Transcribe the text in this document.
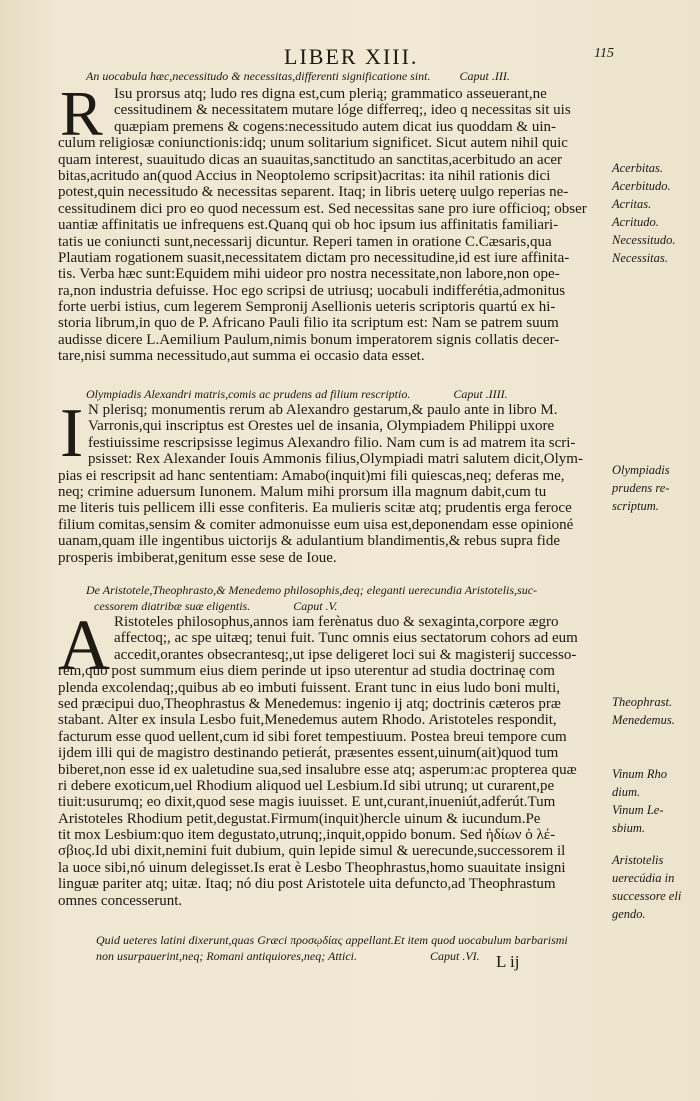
LIBER XIII.	115
An uocabula hæc,necessitudo & necessitas,differenti significatione sint. Caput .III.
R Isu prorsus atq; ludo res digna est,cum plerią; grammatico asseuerant,ne
cessitudinem & necessitatem mutare lóge differreq;, ideo q necessitas sit uis
quæpiam premens & cogens:necessitudo autem dicat ius quoddam & uin-
culum religiosæ coniunctionis:idq; unum solitarium significet. Sicut autem nihil quic
quam interest, suauitudo dicas an suauitas,sanctitudo an sanctitas,acerbitudo an acer
bitas,acritudo an(quod Accius in Neoptolemo scripsit)acritas: ita nihil rationis dici
potest,quin necessitudo & necessitas separent. Itaq; in libris ueterę uulgo reperias ne-
cessitudinem dici pro eo quod necessum est. Sed necessitas sane pro iure officioq; obser
uantiæ affinitatis ue infrequens est.Quanq qui ob hoc ipsum ius affinitatis familiari-
tatis ue coniuncti sunt,necessarij dicuntur. Reperi tamen in oratione C.Cæsaris,qua
Plautiam rogationem suasit,necessitatem dictam pro necessitudine,id est iure affinita-
tis. Verba hæc sunt:Equidem mihi uideor pro nostra necessitate,non labore,non ope-
ra,non industria defuisse. Hoc ego scripsi de utriusq; uocabuli indifferétia,admonitus
forte uerbi istius, cum legerem Sempronij Asellionis ueteris scriptoris quartú ex hi-
storia librum,in quo de P. Africano Pauli filio ita scriptum est: Nam se patrem suum
audisse dicere L.Aemilium Paulum,nimis bonum imperatorem signis collatis decer-
tare,nisi summa necessitudo,aut summa ei occasio data esset.
Olympiadis Alexandri matris,comis ac prudens ad filium rescriptio.	Caput .IIII.
I N plerisq; monumentis rerum ab Alexandro gestarum,& paulo ante in libro M.
Varronis,qui inscriptus est Orestes uel de insania, Olympiadem Philippi uxore
festiuissime rescripsisse legimus Alexandro filio. Nam cum is ad matrem ita scri-
psisset: Rex Alexander Iouis Ammonis filius,Olympiadi matri salutem dicit,Olym-
pias ei rescripsit ad hanc sententiam: Amabo(inquit)mi fili quiescas,neq; deferas me,
neq; crimine aduersum Iunonem. Malum mihi prorsum illa magnum dabit,cum tu
me literis tuis pellicem illi esse confiteris. Ea mulieris scitæ atq; prudentis erga feroce
filium comitas,sensim & comiter admonuisse eum uisa est,deponendam esse opinioné
uanam,quam ille ingentibus uictorijs & adulantium blandimentis,& rebus supra fide
prosperis imbiberat,genitum esse sese de Ioue.
De Aristotele,Theophrasto,& Menedemo philosophis,deq; eleganti uerecundia Aristotelis,suc-
cessorem diatribæ suæ eligentis.	Caput .V.
A Ristoteles philosophus,annos iam ferènatus duo & sexaginta,corpore ægro
affectoq;, ac spe uitæq; tenui fuit. Tunc omnis eius sectatorum cohors ad eum
accedit,orantes obsecrantesq;,ut ipse deligeret loci sui & magisterij successo-
rem,quo post summum eius diem perinde ut ipso uterentur ad studia doctrinaę com
plenda excolendaq;,quibus ab eo imbuti fuissent. Erant tunc in eius ludo boni multi,
sed præcipui duo,Theophrastus & Menedemus: ingenio ij atq; doctrinis cæteros præ
stabant. Alter ex insula Lesbo fuit,Menedemus autem Rhodo. Aristoteles respondit,
facturum esse quod uellent,cum id sibi foret tempestiuum. Postea breui tempore cum
ijdem illi qui de magistro destinando petierát, præsentes essent,uinum(ait)quod tum
biberet,non esse id ex ualetudine sua,sed insalubre esse atq; asperum:ac propterea quæ
ri debere exoticum,uel Rhodium aliquod uel Lesbium.Id sibi utrunq; ut curarent,pe
tiuit:usurumq; eo dixit,quod sese magis iuuisset. E unt,curant,inueniút,adferút.Tum
Aristoteles Rhodium petit,degustat.Firmum(inquit)hercle uinum & iucundum.Pe
tit mox Lesbium:quo item degustato,utrunq;,inquit,oppido bonum. Sed ἡδίων ὁ λέ-
σβιος.Id ubi dixit,nemini fuit dubium, quin lepide simul & uerecunde,successorem il
la uoce sibi,nó uinum delegisset.Is erat è Lesbo Theophrastus,homo suauitate insigni
linguæ pariter atq; uitæ. Itaq; nó diu post Aristotele uita defuncto,ad Theophrastum
omnes concesserunt.
Quid ueteres latini dixerunt,quas Græci προσῳδίας appellant.Et item quod uocabulum barbarismi
non usurpauerint,neq; Romani antiquiores,neq; Attici.	Caput .VI. L ij
Acerbitas.
Acerbitudo.
Acritas.
Acritudo.
Necessitudo.
Necessitas.
Olympiadis
prudens re-
scriptum.
Theophrast.
Menedemus.
Vinum Rho
dium.
Vinum Le-
sbium.
Aristotelis
uerecúdia in
successore eli
gendo.
